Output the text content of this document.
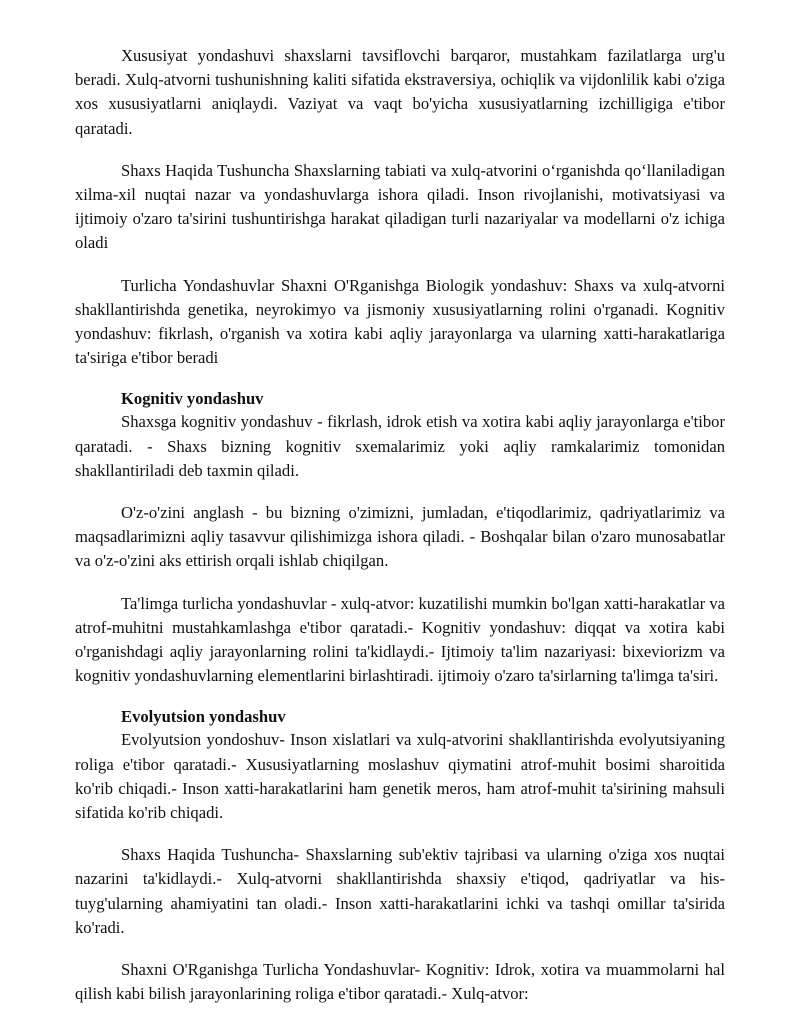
Xususiyat yondashuvi shaxslarni tavsiflovchi barqaror, mustahkam fazilatlarga urg'u beradi. Xulq-atvorni tushunishning kaliti sifatida ekstraversiya, ochiqlik va vijdonlilik kabi o'ziga xos xususiyatlarni aniqlaydi. Vaziyat va vaqt bo'yicha xususiyatlarning izchilligiga e'tibor qaratadi.

Shaxs Haqida Tushuncha Shaxslarning tabiati va xulq-atvorini o‘rganishda qo‘llaniladigan xilma-xil nuqtai nazar va yondashuvlarga ishora qiladi. Inson rivojlanishi, motivatsiyasi va ijtimoiy o'zaro ta'sirini tushuntirishga harakat qiladigan turli nazariyalar va modellarni o'z ichiga oladi

Turlicha Yondashuvlar Shaxni O'Rganishga Biologik yondashuv: Shaxs va xulq-atvorni shakllantirishda genetika, neyrokimyo va jismoniy xususiyatlarning rolini o'rganadi. Kognitiv yondashuv: fikrlash, o'rganish va xotira kabi aqliy jarayonlarga va ularning xatti-harakatlariga ta'siriga e'tibor beradi

Kognitiv yondashuv

Shaxsga kognitiv yondashuv - fikrlash, idrok etish va xotira kabi aqliy jarayonlarga e'tibor qaratadi. - Shaxs bizning kognitiv sxemalarimiz yoki aqliy ramkalarimiz tomonidan shakllantiriladi deb taxmin qiladi.

O'z-o'zini anglash - bu bizning o'zimizni, jumladan, e'tiqodlarimiz, qadriyatlarimiz va maqsadlarimizni aqliy tasavvur qilishimizga ishora qiladi. - Boshqalar bilan o'zaro munosabatlar va o'z-o'zini aks ettirish orqali ishlab chiqilgan.

Ta'limga turlicha yondashuvlar - xulq-atvor: kuzatilishi mumkin bo'lgan xatti-harakatlar va atrof-muhitni mustahkamlashga e'tibor qaratadi.- Kognitiv yondashuv: diqqat va xotira kabi o'rganishdagi aqliy jarayonlarning rolini ta'kidlaydi.- Ijtimoiy ta'lim nazariyasi: bixeviorizm va kognitiv yondashuvlarning elementlarini birlashtiradi. ijtimoiy o'zaro ta'sirlarning ta'limga ta'siri.

Evolyutsion yondashuv

Evolyutsion yondoshuv- Inson xislatlari va xulq-atvorini shakllantirishda evolyutsiyaning roliga e'tibor qaratadi.- Xususiyatlarning moslashuv qiymatini atrof-muhit bosimi sharoitida ko'rib chiqadi.- Inson xatti-harakatlarini ham genetik meros, ham atrof-muhit ta'sirining mahsuli sifatida ko'rib chiqadi.

Shaxs Haqida Tushuncha- Shaxslarning sub'ektiv tajribasi va ularning o'ziga xos nuqtai nazarini ta'kidlaydi.- Xulq-atvorni shakllantirishda shaxsiy e'tiqod, qadriyatlar va his-tuyg'ularning ahamiyatini tan oladi.- Inson xatti-harakatlarini ichki va tashqi omillar ta'sirida ko'radi.

Shaxni O'Rganishga Turlicha Yondashuvlar- Kognitiv: Idrok, xotira va muammolarni hal qilish kabi bilish jarayonlarining roliga e'tibor qaratadi.- Xulq-atvor:
